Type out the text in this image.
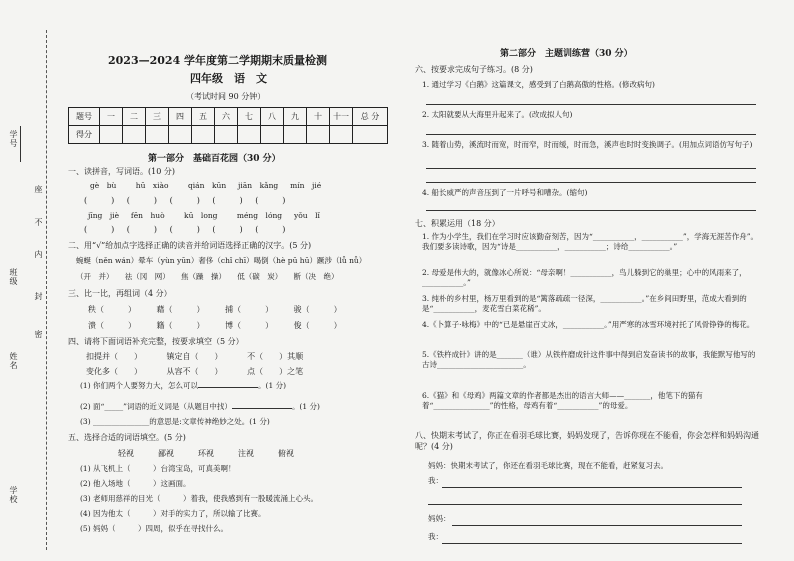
学号
座
不
内
班级
封
密
姓名
学校
2023—2024 学年度第二学期期末质量检测
四年级　语　文
（考试时间 90 分钟）
题号	一	二	三	四	五	六	七	八	九	十	十一	总 分
得分												
第一部分　基础百花园（30 分）
一、读拼音，写词语。(10 分)
gè　bù　　	hū　xiào　　	qián　kūn　 jiān　kǎng　 mín　jié
(　　　) (　　　) (　　　) (　　　) (　　　)
jīng　jiè　 fēn　huò　　	kū　long　　	méng　lóng　 yǒu　lǐ
(　　　) (　　　) (　　　) (　　　) (　　　)
二、用“√”给加点字选择正确的读音并给词语选择正确的汉字。(5 分)
蜿蜒（něn wán）晕车（yùn yūn）奢侈（chǐ chī）喝倒（hè pū hū）蹶涉（lǚ nǚ）
（开　并）　　祛（冈　网）　　焦（躁　操）　　低（碳　炭）　　断（决　绝）
三、比一比，再组词（4 分）
秩（　　　）	藉（　　　）	捕（　　　）	骏（　　　）
溃（　　　）	籍（　　　）	博（　　　）	俊（　　　）
四、请将下面词语补充完整，按要求填空（5 分）
扣提并（　　）	镇定自（　　）	不（　　）其顺
变化多（　　）	从容不（　　）	点（　　）之笔
(1) 你们两个人要努力大，怎么可以	。(1 分)
(2) 面“_____”词语的近义词是（从题目中找）	。(1 分)
(3) _______________的意思是:文章传神绝妙之处。(1 分)
五、选择合适的词语填空。(5 分)
轻视　　　鄙视　　　环视　　　注视　　　俯视
(1) 从飞机上（　　　）台湾宝岛，可真美啊！
(2) 他入场地（　　　）这画面。
(3) 老师用慈祥的目光（　　　）着我，使我感到有一股暖流涌上心头。
(4) 因为他太（　　　）对手的实力了，所以输了比赛。
(5) 妈妈（　　　）四周，似乎在寻找什么。
第二部分　主题训练营（30 分）
六、按要求完成句子练习。(8 分)
1. 通过学习《白鹅》这篇课文，感受到了白鹅高傲的性格。(修改病句)
2. 太阳就要从大海里升起来了。(改成拟人句)
3. 随着山势，溪流时而宽，时而窄，时而缓，时而急，溪声也时时变换调子。(用加点词语仿写句子)
4. 船长威严的声音压到了一片呼号和嘈杂。(缩句)
七、积累运用（18 分）
1. 作为小学生，我们在学习时应该勤奋刻苦，因为“___________，___________”，学海无涯苦作舟”。我们要多读诗歌，因为“诗是___________，___________；诗给___________。”
2. 母爱是伟大的，就像冰心所说：“母亲啊！___________，鸟儿躲到它的巢里；心中的风雨来了，___________。”
3. 纯朴的乡村里，杨万里看到的是“篱落疏疏一径深，___________。”在乡间田野里，范成大看到的是“___________，麦花雪白菜花稀”。
4.《卜算子·咏梅》中的“已是悬崖百丈冰，___________。”用严寒的冰雪环境衬托了风骨铮铮的梅花。
5.《铁杵成针》讲的是_______（谁）从铁杵磨成针这件事中得到启发奋读书的故事，我能默写他写的古诗_______________________。
6.《猫》和《母鸡》两篇文章的作者都是杰出的语言大师——_______，他笔下的猫有着“_______________”的性格，母鸡有着“___________”的母爱。
八、快期末考试了，你正在看羽毛球比赛，妈妈发现了，告诉你现在不能看，你会怎样和妈妈沟通呢？(4 分)
妈妈：快期末考试了，你还在看羽毛球比赛，现在不能看，赶紧复习去。
我：
妈妈：
我：
